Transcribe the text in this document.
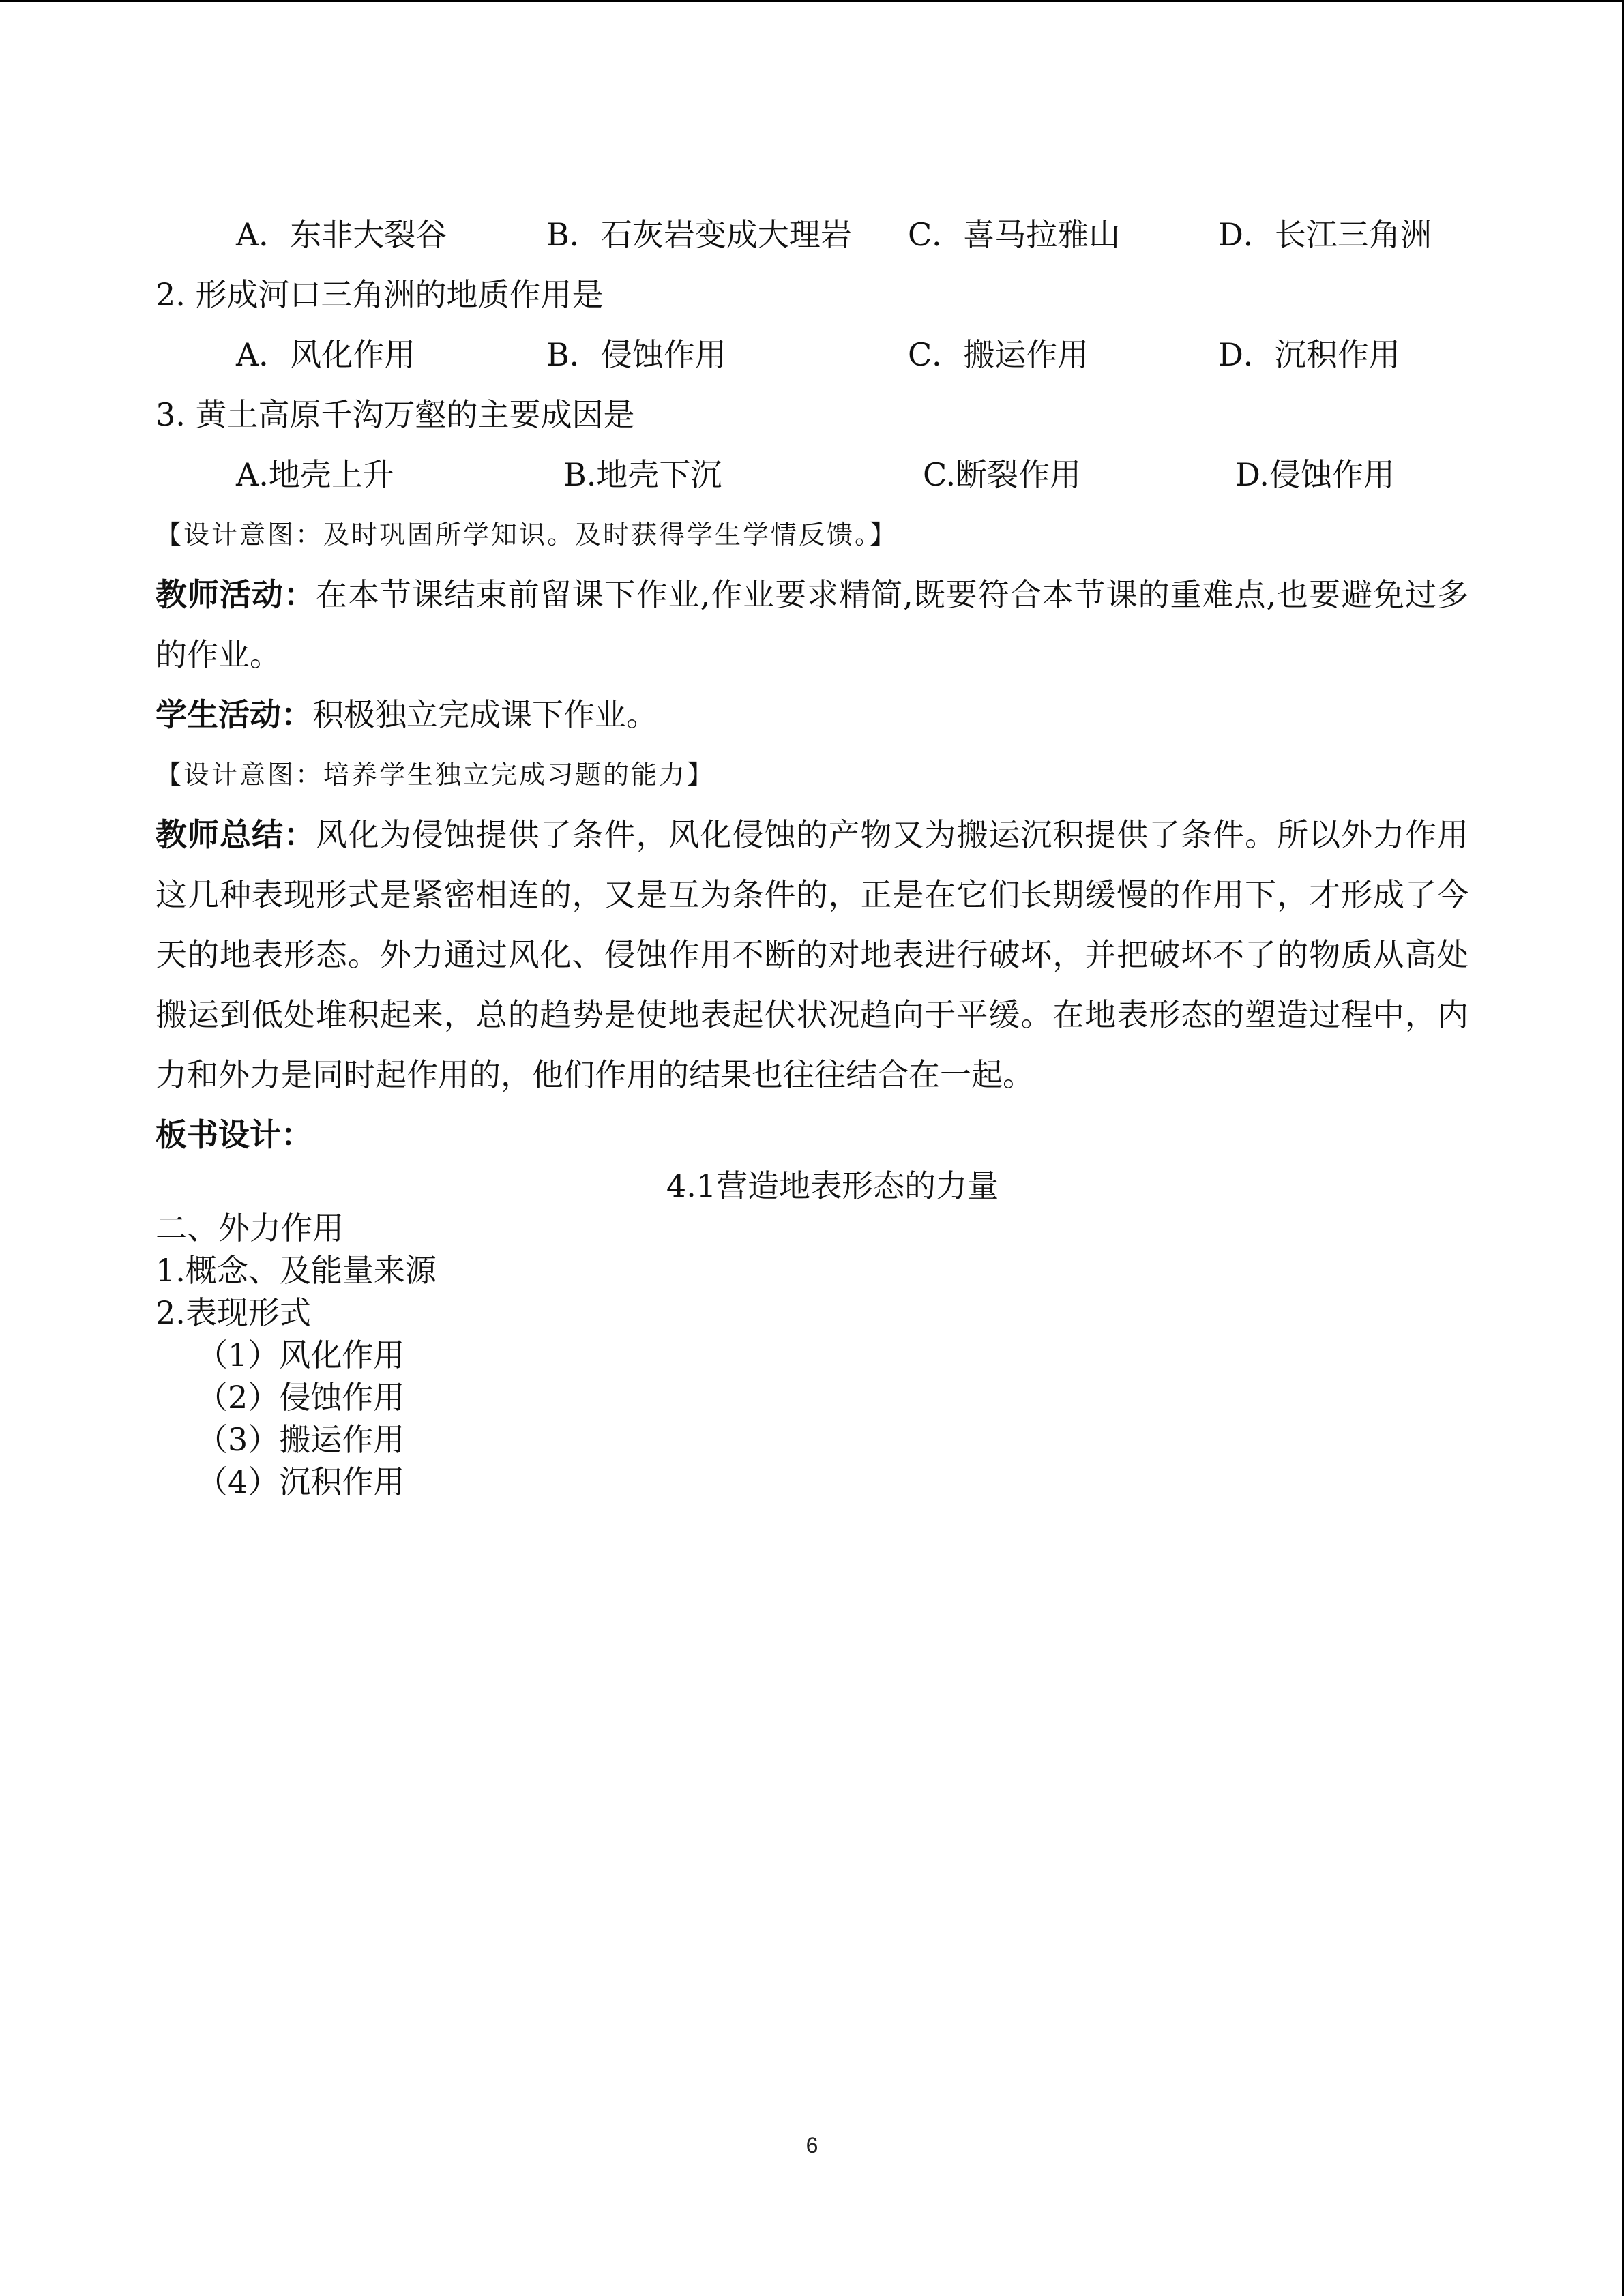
A．东非大裂谷	B．石灰岩变成大理岩 C．喜马拉雅山	D．长江三角洲
2. 形成河口三角洲的地质作用是
A．风化作用	B．侵蚀作用	C．搬运作用	D．沉积作用
3. 黄土高原千沟万壑的主要成因是
A.地壳上升	B.地壳下沉	C.断裂作用	D.侵蚀作用
【设计意图：及时巩固所学知识。及时获得学生学情反馈。】
教师活动：在本节课结束前留课下作业,作业要求精简,既要符合本节课的重难点,也要避免过多的作业。
学生活动：积极独立完成课下作业。
【设计意图：培养学生独立完成习题的能力】
教师总结：风化为侵蚀提供了条件，风化侵蚀的产物又为搬运沉积提供了条件。所以外力作用这几种表现形式是紧密相连的，又是互为条件的，正是在它们长期缓慢的作用下，才形成了今天的地表形态。外力通过风化、侵蚀作用不断的对地表进行破坏，并把破坏不了的物质从高处搬运到低处堆积起来，总的趋势是使地表起伏状况趋向于平缓。在地表形态的塑造过程中，内力和外力是同时起作用的，他们作用的结果也往往结合在一起。
板书设计：
4.1营造地表形态的力量
二、外力作用
1.概念、及能量来源
2.表现形式
（1）风化作用
（2）侵蚀作用
（3）搬运作用
（4）沉积作用
6
